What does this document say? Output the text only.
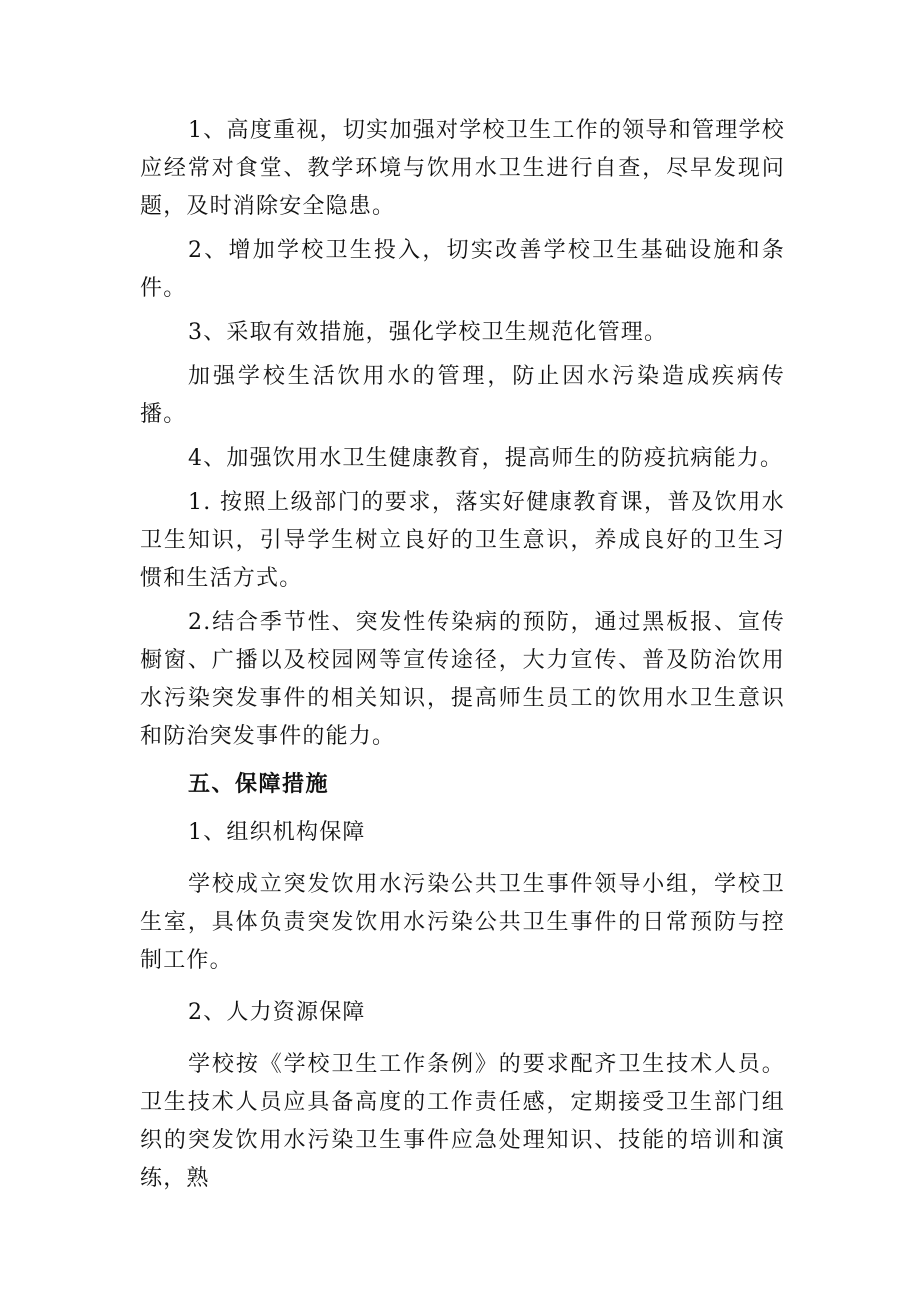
1、高度重视，切实加强对学校卫生工作的领导和管理学校应经常对食堂、教学环境与饮用水卫生进行自查，尽早发现问题，及时消除安全隐患。

2、增加学校卫生投入，切实改善学校卫生基础设施和条件。

3、采取有效措施，强化学校卫生规范化管理。

加强学校生活饮用水的管理，防止因水污染造成疾病传播。

4、加强饮用水卫生健康教育，提高师生的防疫抗病能力。

1. 按照上级部门的要求，落实好健康教育课，普及饮用水卫生知识，引导学生树立良好的卫生意识，养成良好的卫生习惯和生活方式。

2.结合季节性、突发性传染病的预防，通过黑板报、宣传橱窗、广播以及校园网等宣传途径，大力宣传、普及防治饮用水污染突发事件的相关知识，提高师生员工的饮用水卫生意识和防治突发事件的能力。

五、保障措施

1、组织机构保障

学校成立突发饮用水污染公共卫生事件领导小组，学校卫生室，具体负责突发饮用水污染公共卫生事件的日常预防与控制工作。

2、人力资源保障

学校按《学校卫生工作条例》的要求配齐卫生技术人员。卫生技术人员应具备高度的工作责任感，定期接受卫生部门组织的突发饮用水污染卫生事件应急处理知识、技能的培训和演练，熟
